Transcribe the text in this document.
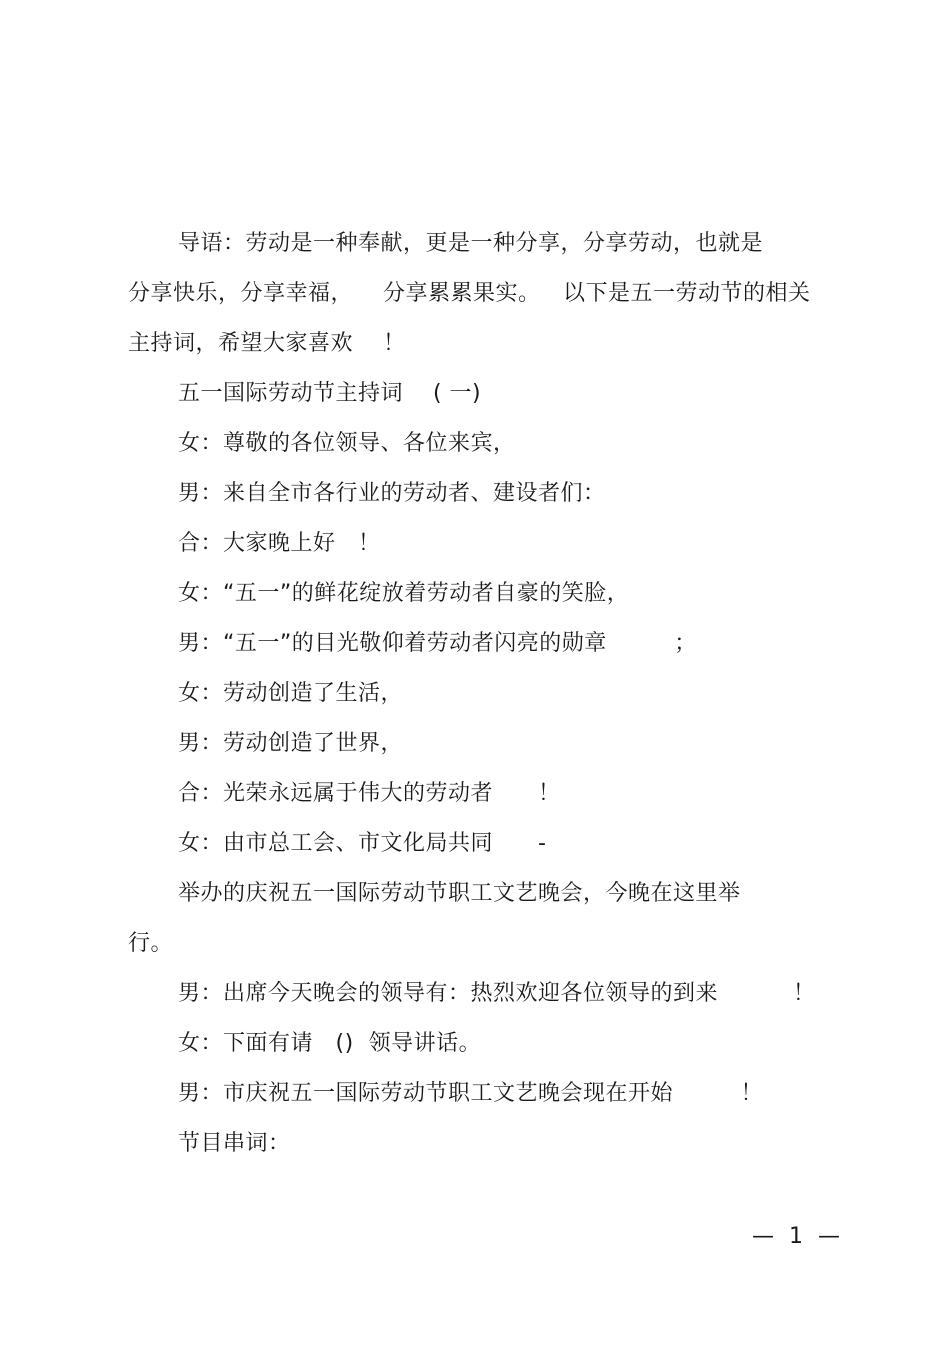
导语：劳动是一种奉献，更是一种分享，分享劳动，也就是
分享快乐，分享幸福，    分享累累果实。   以下是五一劳动节的相关
主持词，希望大家喜欢    ！
五一国际劳动节主持词    ( 一)
女：尊敬的各位领导、各位来宾，
男：来自全市各行业的劳动者、建设者们：
合：大家晚上好   ！
女：“五一”的鲜花绽放着劳动者自豪的笑脸，
男：“五一”的目光敬仰着劳动者闪亮的勋章         ；
女：劳动创造了生活，
男：劳动创造了世界，
合：光荣永远属于伟大的劳动者      ！
女：由市总工会、市文化局共同      -
举办的庆祝五一国际劳动节职工文艺晚会，今晚在这里举
行。
男：出席今天晚会的领导有：热烈欢迎各位领导的到来          ！
女：下面有请   ()  领导讲话。
男：市庆祝五一国际劳动节职工文艺晚会现在开始         ！
节目串词：
— 1 —
